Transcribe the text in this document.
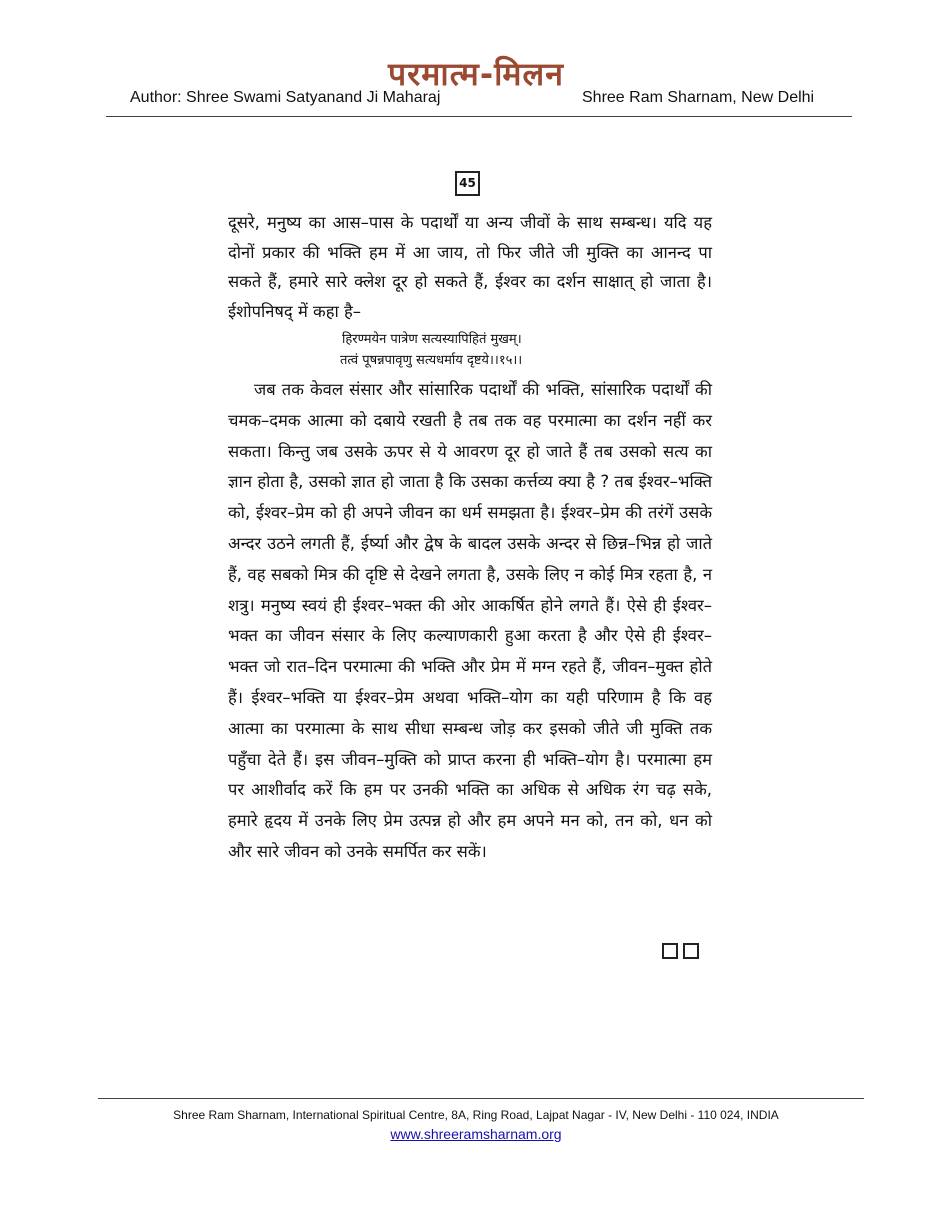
परमात्म-मिलन
Author: Shree Swami Satyanand Ji Maharaj	Shree Ram Sharnam, New Delhi
45
दूसरे, मनुष्य का आस–पास के पदार्थों या अन्य जीवों के साथ सम्बन्ध। यदि यह दोनों प्रकार की भक्ति हम में आ जाय, तो फिर जीते जी मुक्ति का आनन्द पा सकते हैं, हमारे सारे क्लेश दूर हो सकते हैं, ईश्वर का दर्शन साक्षात् हो जाता है। ईशोपनिषद् में कहा है–
हिरण्मयेन पात्रेण सत्यस्यापिहितं मुखम्।
तत्वं पूषन्नपावृणु सत्यधर्माय दृष्टये।।१५।।
जब तक केवल संसार और सांसारिक पदार्थों की भक्ति, सांसारिक पदार्थों की चमक–दमक आत्मा को दबाये रखती है तब तक वह परमात्मा का दर्शन नहीं कर सकता। किन्तु जब उसके ऊपर से ये आवरण दूर हो जाते हैं तब उसको सत्य का ज्ञान होता है, उसको ज्ञात हो जाता है कि उसका कर्त्तव्य क्या है ? तब ईश्वर–भक्ति को, ईश्वर–प्रेम को ही अपने जीवन का धर्म समझता है। ईश्वर–प्रेम की तरंगें उसके अन्दर उठने लगती हैं, ईर्ष्या और द्वेष के बादल उसके अन्दर से छिन्न–भिन्न हो जाते हैं, वह सबको मित्र की दृष्टि से देखने लगता है, उसके लिए न कोई मित्र रहता है, न शत्रु। मनुष्य स्वयं ही ईश्वर–भक्त की ओर आकर्षित होने लगते हैं। ऐसे ही ईश्वर–भक्त का जीवन संसार के लिए कल्याणकारी हुआ करता है और ऐसे ही ईश्वर–भक्त जो रात–दिन परमात्मा की भक्ति और प्रेम में मग्न रहते हैं, जीवन–मुक्त होते हैं। ईश्वर–भक्ति या ईश्वर–प्रेम अथवा भक्ति–योग का यही परिणाम है कि वह आत्मा का परमात्मा के साथ सीधा सम्बन्ध जोड़ कर इसको जीते जी मुक्ति तक पहुँचा देते हैं। इस जीवन–मुक्ति को प्राप्त करना ही भक्ति–योग है। परमात्मा हम पर आशीर्वाद करें कि हम पर उनकी भक्ति का अधिक से अधिक रंग चढ़ सके, हमारे हृदय में उनके लिए प्रेम उत्पन्न हो और हम अपने मन को, तन को, धन को और सारे जीवन को उनके समर्पित कर सकें।
Shree Ram Sharnam, International Spiritual Centre, 8A, Ring Road, Lajpat Nagar - IV, New Delhi - 110 024, INDIA
www.shreeramsharnam.org
